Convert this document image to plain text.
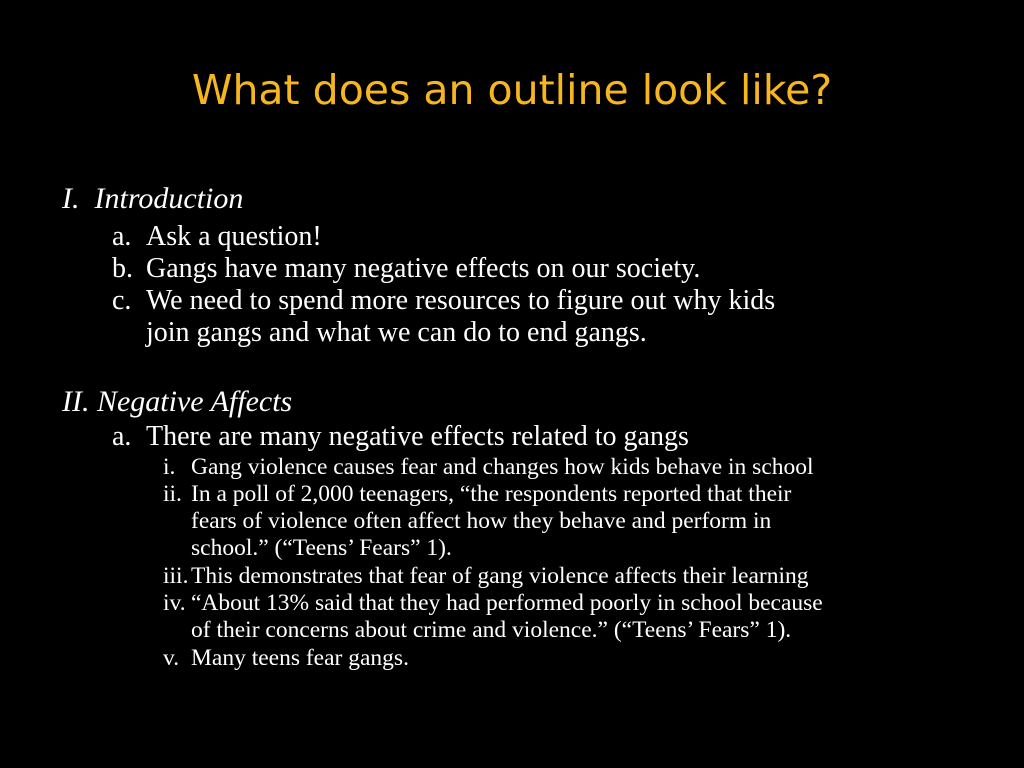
What does an outline look like?
I. Introduction
a. Ask a question!
b. Gangs have many negative effects on our society.
c. We need to spend more resources to figure out why kids
join gangs and what we can do to end gangs.
II. Negative Affects
a. There are many negative effects related to gangs
i. Gang violence causes fear and changes how kids behave in school
ii. In a poll of 2,000 teenagers, “the respondents reported that their
fears of violence often affect how they behave and perform in
school.” (“Teens’ Fears” 1).
iii. This demonstrates that fear of gang violence affects their learning
iv. “About 13% said that they had performed poorly in school because
of their concerns about crime and violence.” (“Teens’ Fears” 1).
v. Many teens fear gangs.
